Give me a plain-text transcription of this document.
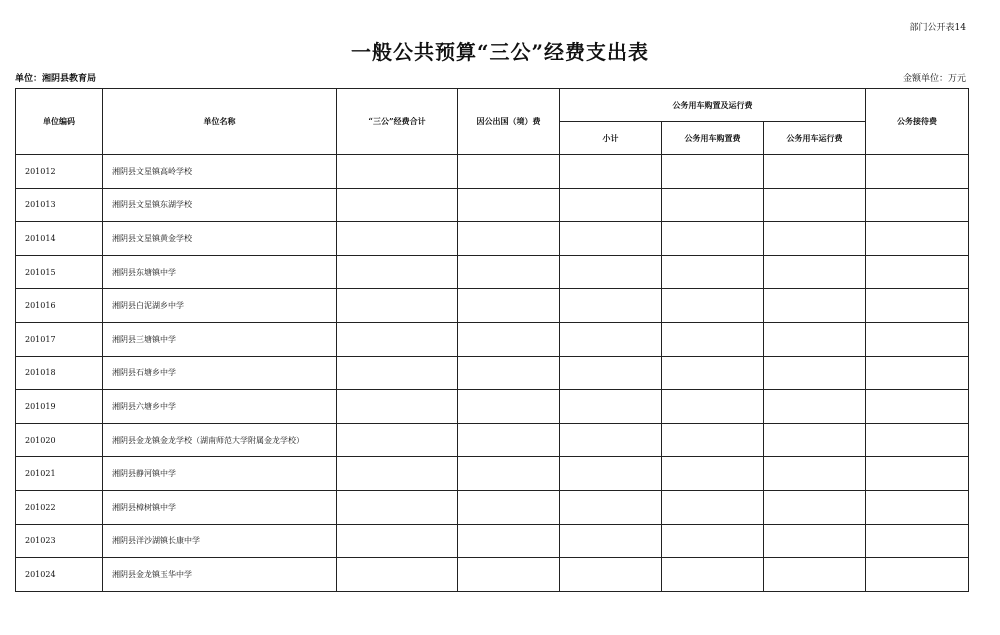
部门公开表14
一般公共预算“三公”经费支出表
单位：湘阴县教育局	金额单位：万元
单位编码	单位名称	“三公”经费合计	因公出国（境）费	公务用车购置及运行费			公务接待费
				小计	公务用车购置费	公务用车运行费	
201012	湘阴县文星镇高岭学校						
201013	湘阴县文星镇东湖学校						
201014	湘阴县文星镇黄金学校						
201015	湘阴县东塘镇中学						
201016	湘阴县白泥湖乡中学						
201017	湘阴县三塘镇中学						
201018	湘阴县石塘乡中学						
201019	湘阴县六塘乡中学						
201020	湘阴县金龙镇金龙学校（湖南师范大学附属金龙学校）						
201021	湘阴县静河镇中学						
201022	湘阴县樟树镇中学						
201023	湘阴县洋沙湖镇长康中学						
201024	湘阴县金龙镇玉华中学						
